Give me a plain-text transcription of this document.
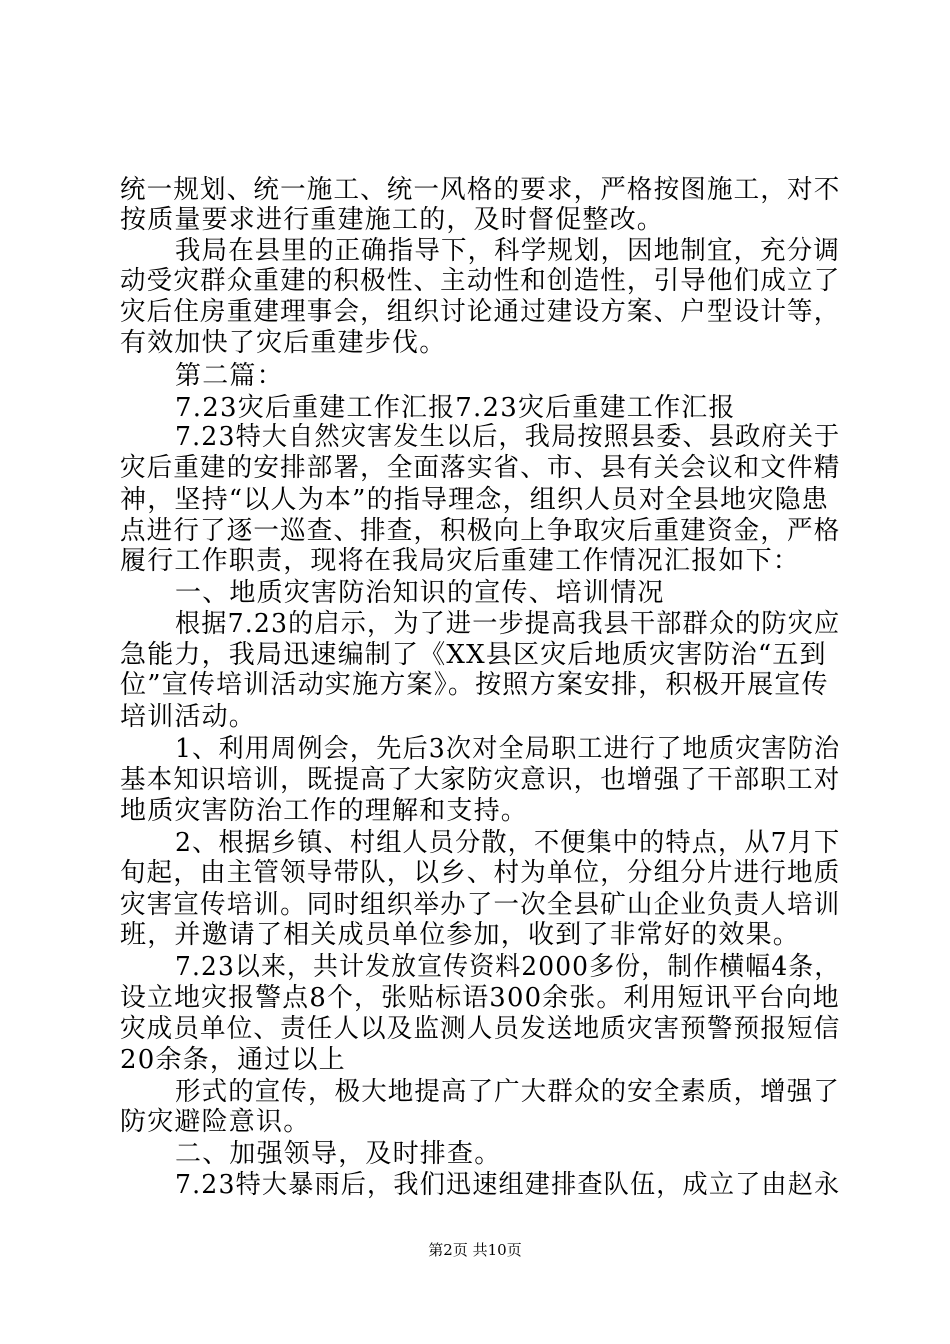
统一规划、统一施工、统一风格的要求，严格按图施工，对不
按质量要求进行重建施工的，及时督促整改。
我局在县里的正确指导下，科学规划，因地制宜，充分调
动受灾群众重建的积极性、主动性和创造性，引导他们成立了
灾后住房重建理事会，组织讨论通过建设方案、户型设计等，
有效加快了灾后重建步伐。
第二篇：
7.23灾后重建工作汇报7.23灾后重建工作汇报
7.23特大自然灾害发生以后，我局按照县委、县政府关于
灾后重建的安排部署，全面落实省、市、县有关会议和文件精
神，坚持“以人为本”的指导理念，组织人员对全县地灾隐患
点进行了逐一巡查、排查，积极向上争取灾后重建资金，严格
履行工作职责，现将在我局灾后重建工作情况汇报如下：
一、地质灾害防治知识的宣传、培训情况
根据7.23的启示，为了进一步提高我县干部群众的防灾应
急能力，我局迅速编制了《XX县区灾后地质灾害防治“五到
位”宣传培训活动实施方案》。按照方案安排，积极开展宣传
培训活动。
1、利用周例会，先后3次对全局职工进行了地质灾害防治
基本知识培训，既提高了大家防灾意识，也增强了干部职工对
地质灾害防治工作的理解和支持。
2、根据乡镇、村组人员分散，不便集中的特点，从7月下
旬起，由主管领导带队，以乡、村为单位，分组分片进行地质
灾害宣传培训。同时组织举办了一次全县矿山企业负责人培训
班，并邀请了相关成员单位参加，收到了非常好的效果。
7.23以来，共计发放宣传资料2000多份，制作横幅4条，
设立地灾报警点8个，张贴标语300余张。利用短讯平台向地
灾成员单位、责任人以及监测人员发送地质灾害预警预报短信
20余条，通过以上
形式的宣传，极大地提高了广大群众的安全素质，增强了
防灾避险意识。
二、加强领导，及时排查。
7.23特大暴雨后，我们迅速组建排查队伍，成立了由赵永
第2页 共10页
